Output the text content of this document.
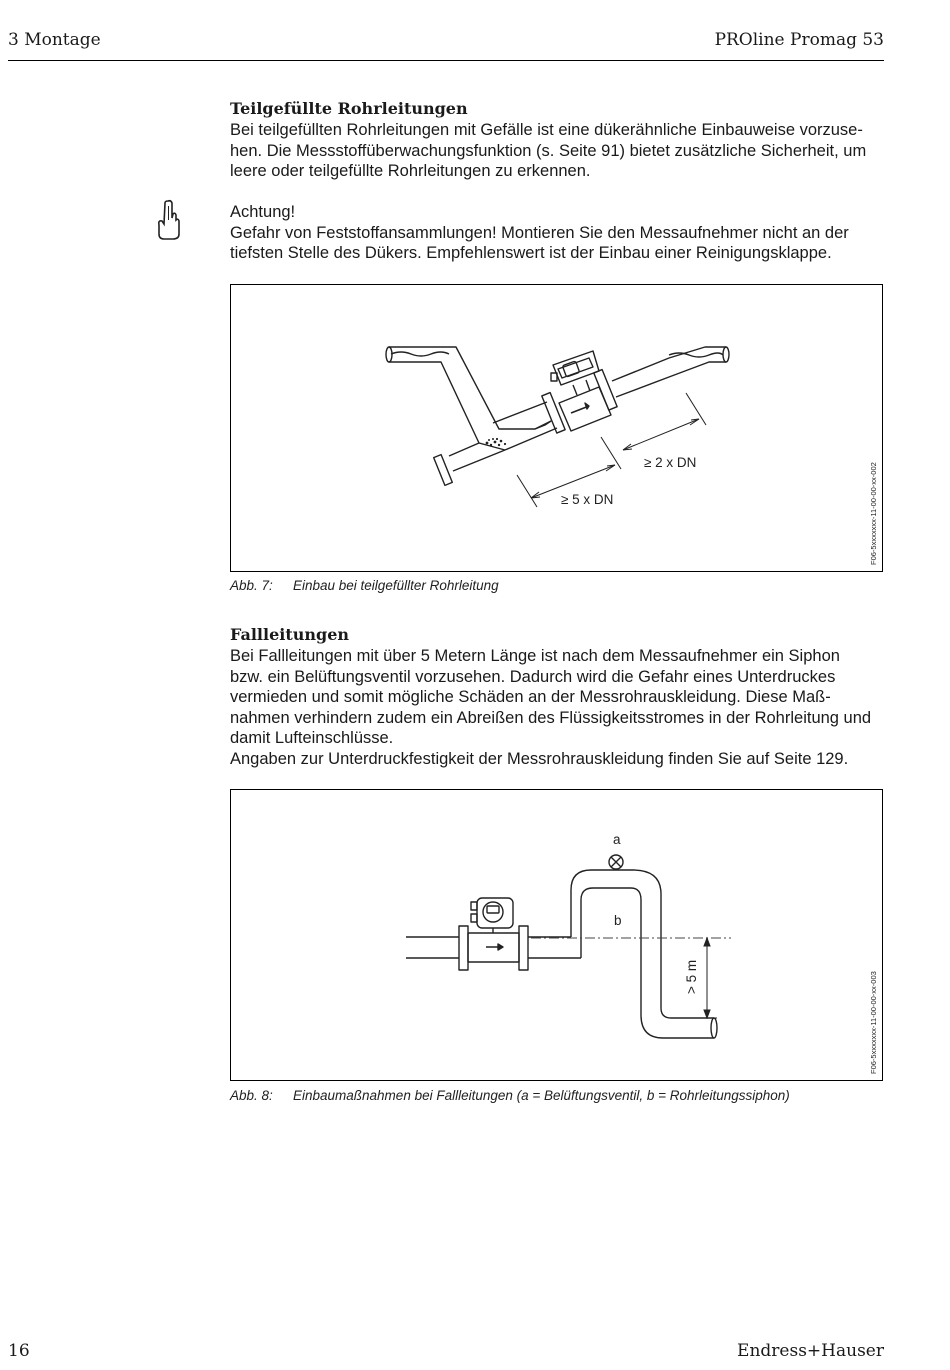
3 Montage	PROline Promag 53
Teilgefüllte Rohrleitungen
Bei teilgefüllten Rohrleitungen mit Gefälle ist eine dükerähnliche Einbauweise vorzuse-
hen. Die Messstoffüberwachungsfunktion (s. Seite 91) bietet zusätzliche Sicherheit, um
leere oder teilgefüllte Rohrleitungen zu erkennen.
Achtung!
Gefahr von Feststoffansammlungen! Montieren Sie den Messaufnehmer nicht an der
tiefsten Stelle des Dükers. Empfehlenswert ist der Einbau einer Reinigungsklappe.
≥ 2 x DN
≥ 5 x DN	F06-5xxxxxxx-11-00-00-xx-002
Abb. 7: Einbau bei teilgefüllter Rohrleitung
Fallleitungen
Bei Fallleitungen mit über 5 Metern Länge ist nach dem Messaufnehmer ein Siphon
bzw. ein Belüftungsventil vorzusehen. Dadurch wird die Gefahr eines Unterdruckes
vermieden und somit mögliche Schäden an der Messrohrauskleidung. Diese Maß-
nahmen verhindern zudem ein Abreißen des Flüssigkeitsstromes in der Rohrleitung und
damit Lufteinschlüsse.
Angaben zur Unterdruckfestigkeit der Messrohrauskleidung finden Sie auf Seite 129.
a
b
> 5 m	F06-5xxxxxxx-11-00-00-xx-003
Abb. 8: Einbaumaßnahmen bei Fallleitungen (a = Belüftungsventil, b = Rohrleitungssiphon)
16	Endress+Hauser
